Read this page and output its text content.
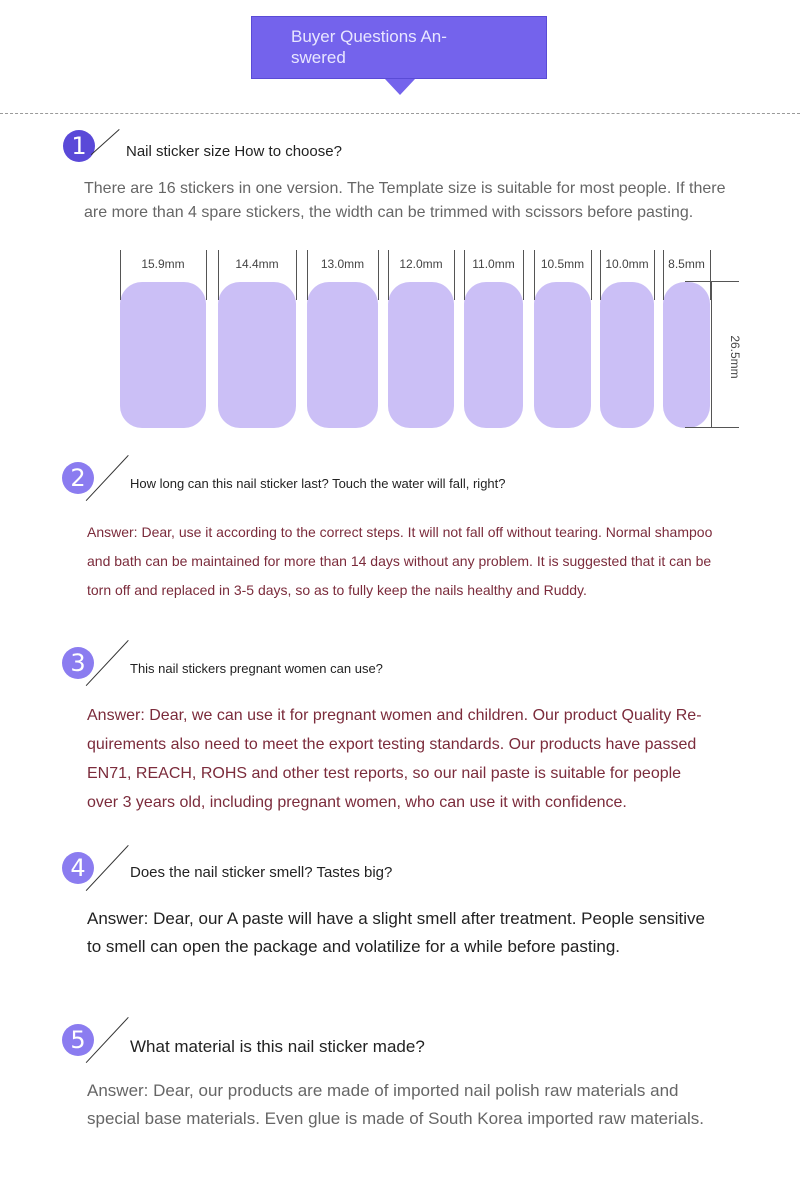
Buyer Questions An-
swered
1	Nail sticker size How to choose?
There are 16 stickers in one version. The Template size is suitable for most people. If there
are more than 4 spare stickers, the width can be trimmed with scissors before pasting.
15.9mm	14.4mm	13.0mm	12.0mm	11.0mm	10.5mm	10.0mm	8.5mm
26.5mm
2	How long can this nail sticker last? Touch the water will fall, right?
Answer: Dear, use it according to the correct steps. It will not fall off without tearing. Normal shampoo
and bath can be maintained for more than 14 days without any problem. It is suggested that it can be
torn off and replaced in 3-5 days, so as to fully keep the nails healthy and Ruddy.
3	This nail stickers pregnant women can use?
Answer: Dear, we can use it for pregnant women and children. Our product Quality Re-
quirements also need to meet the export testing standards. Our products have passed
EN71, REACH, ROHS and other test reports, so our nail paste is suitable for people
over 3 years old, including pregnant women, who can use it with confidence.
4	Does the nail sticker smell? Tastes big?
Answer: Dear, our A paste will have a slight smell after treatment. People sensitive
to smell can open the package and volatilize for a while before pasting.
5	What material is this nail sticker made?
Answer: Dear, our products are made of imported nail polish raw materials and
special base materials. Even glue is made of South Korea imported raw materials.
